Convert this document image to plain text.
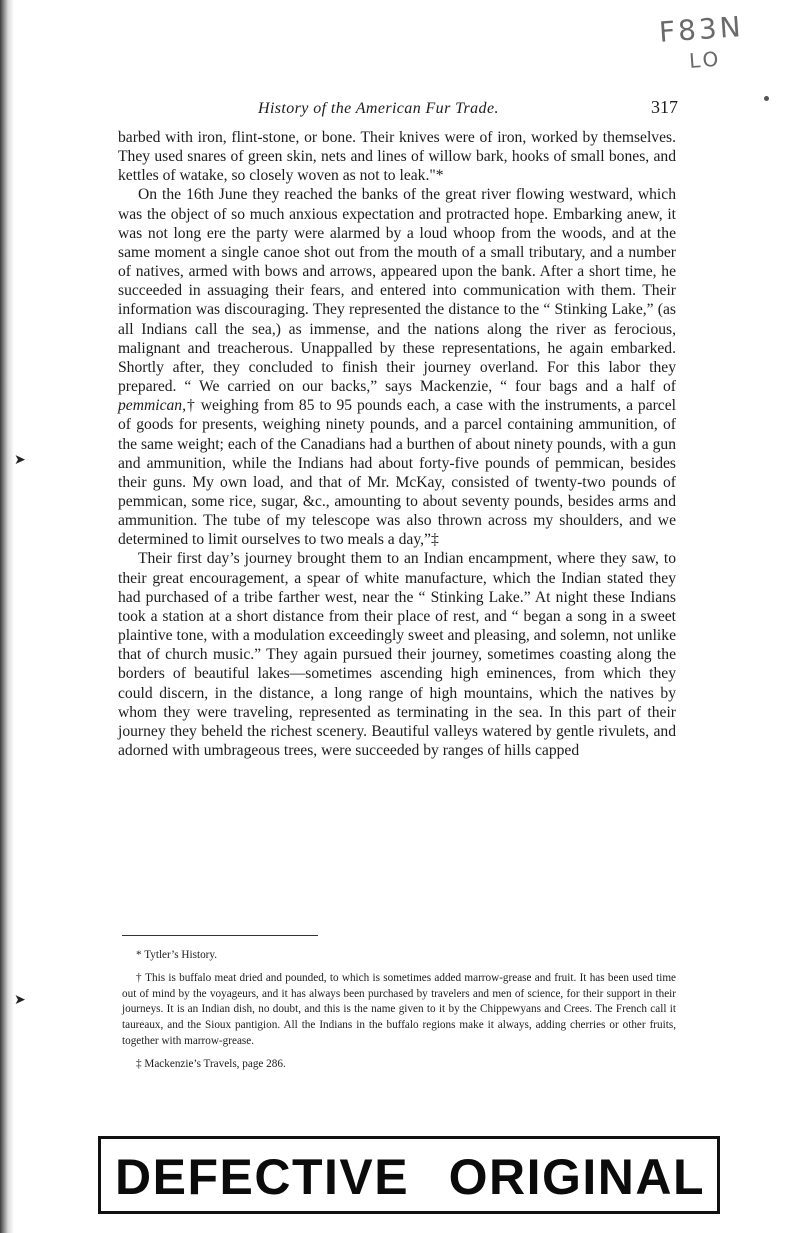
➤
➤
F83N
LO
History of the American Fur Trade.	317

barbed with iron, flint-stone, or bone. Their knives were of iron, worked by themselves. They used snares of green skin, nets and lines of willow bark, hooks of small bones, and kettles of watake, so closely woven as not to leak."*

On the 16th June they reached the banks of the great river flowing westward, which was the object of so much anxious expectation and protracted hope. Embarking anew, it was not long ere the party were alarmed by a loud whoop from the woods, and at the same moment a single canoe shot out from the mouth of a small tributary, and a number of natives, armed with bows and arrows, appeared upon the bank. After a short time, he succeeded in assuaging their fears, and entered into communication with them. Their information was discouraging. They represented the distance to the “ Stinking Lake,” (as all Indians call the sea,) as immense, and the nations along the river as ferocious, malignant and treacherous. Unappalled by these representations, he again embarked. Shortly after, they concluded to finish their journey overland. For this labor they prepared. “ We carried on our backs,” says Mackenzie, “ four bags and a half of pemmican,† weighing from 85 to 95 pounds each, a case with the instruments, a parcel of goods for presents, weighing ninety pounds, and a parcel containing ammunition, of the same weight; each of the Canadians had a burthen of about ninety pounds, with a gun and ammunition, while the Indians had about forty-five pounds of pemmican, besides their guns. My own load, and that of Mr. McKay, consisted of twenty-two pounds of pemmican, some rice, sugar, &c., amounting to about seventy pounds, besides arms and ammunition. The tube of my telescope was also thrown across my shoulders, and we determined to limit ourselves to two meals a day,”‡

Their first day’s journey brought them to an Indian encampment, where they saw, to their great encouragement, a spear of white manufacture, which the Indian stated they had purchased of a tribe farther west, near the “ Stinking Lake.” At night these Indians took a station at a short distance from their place of rest, and “ began a song in a sweet plaintive tone, with a modulation exceedingly sweet and pleasing, and solemn, not unlike that of church music.” They again pursued their journey, sometimes coasting along the borders of beautiful lakes—sometimes ascending high eminences, from which they could discern, in the distance, a long range of high mountains, which the natives by whom they were traveling, represented as terminating in the sea. In this part of their journey they beheld the richest scenery. Beautiful valleys watered by gentle rivulets, and adorned with umbrageous trees, were succeeded by ranges of hills capped

* Tytler’s History.

† This is buffalo meat dried and pounded, to which is sometimes added marrow-grease and fruit. It has been used time out of mind by the voyageurs, and it has always been purchased by travelers and men of science, for their support in their journeys. It is an Indian dish, no doubt, and this is the name given to it by the Chippewyans and Crees. The French call it taureaux, and the Sioux pantigion. All the Indians in the buffalo regions make it always, adding cherries or other fruits, together with marrow-grease.

‡ Mackenzie’s Travels, page 286.

DEFECTIVE ORIGINAL
